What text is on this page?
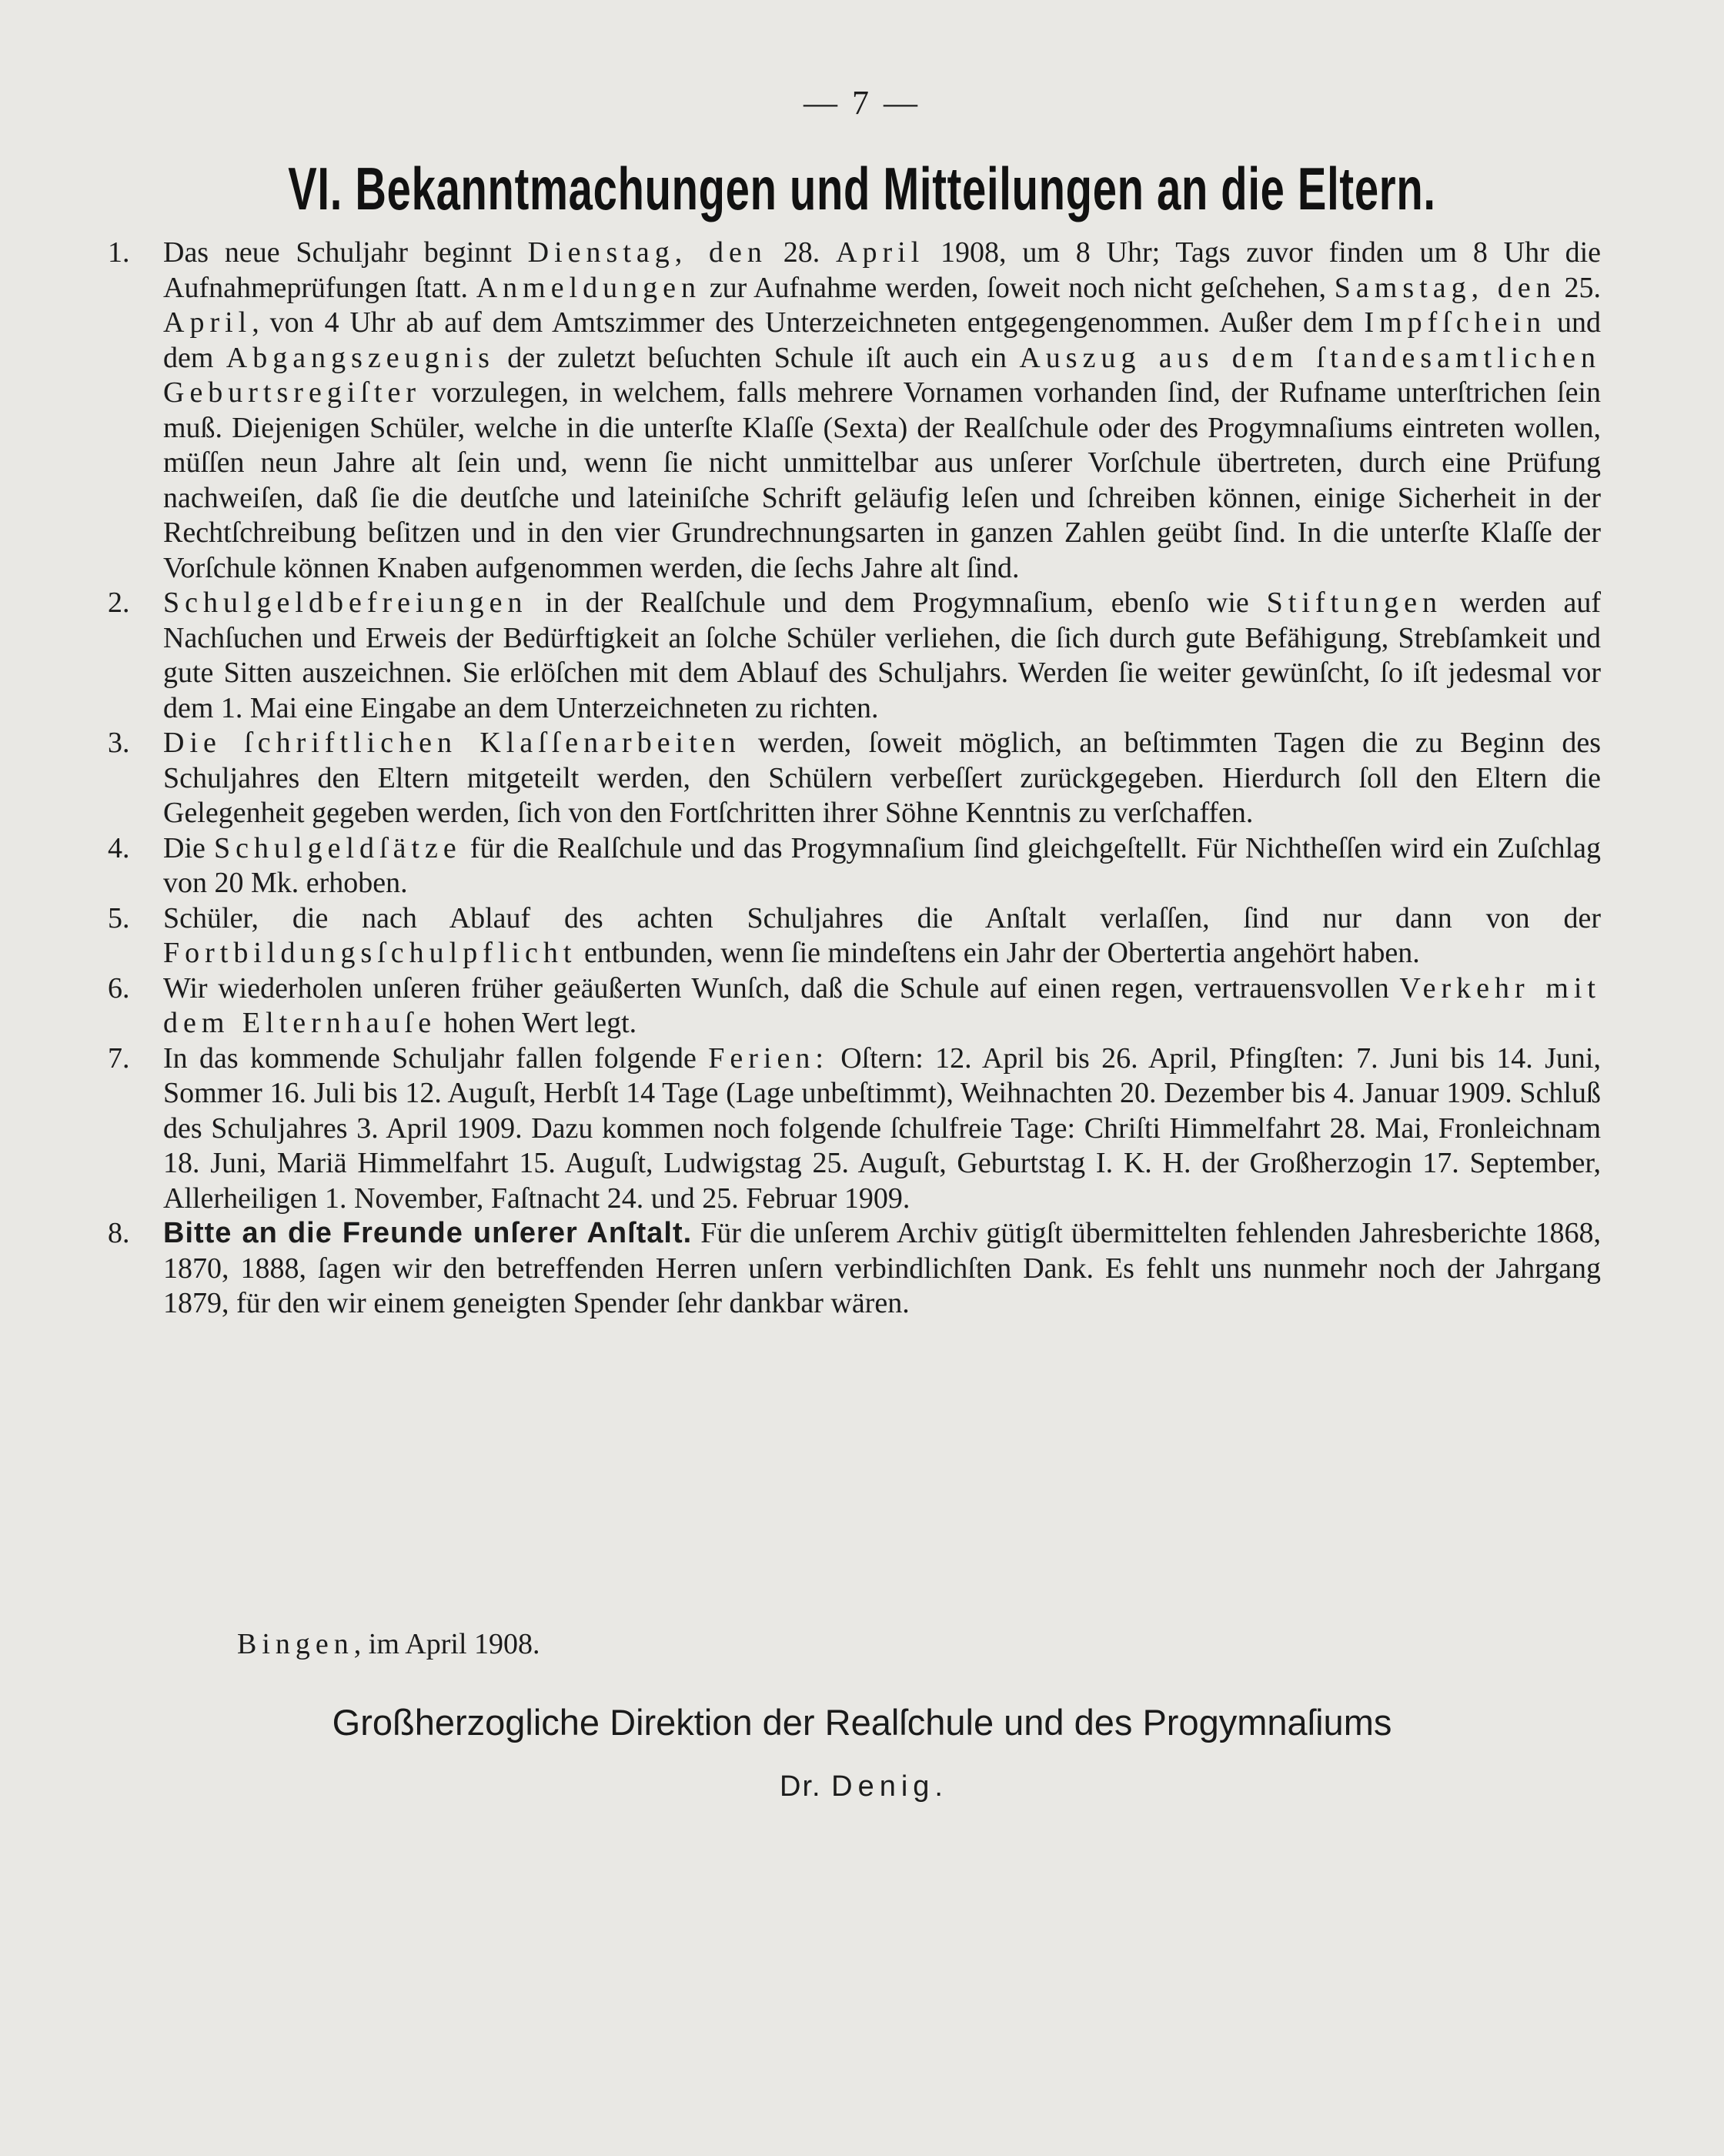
— 7 —
VI. Bekanntmachungen und Mitteilungen an die Eltern.

1. Das neue Schuljahr beginnt Dienstag, den 28. April 1908, um 8 Uhr; Tags zuvor finden um 8 Uhr die Aufnahmeprüfungen ſtatt. Anmeldungen zur Aufnahme werden, ſoweit noch nicht geſchehen, Samstag, den 25. April, von 4 Uhr ab auf dem Amtszimmer des Unterzeichneten entgegengenommen. Außer dem Impfſchein und dem Abgangszeugnis der zuletzt beſuchten Schule iſt auch ein Auszug aus dem ſtandesamtlichen Geburtsregiſter vorzulegen, in welchem, falls mehrere Vornamen vorhanden ſind, der Rufname unterſtrichen ſein muß. Diejenigen Schüler, welche in die unterſte Klaſſe (Sexta) der Realſchule oder des Progymnaſiums eintreten wollen, müſſen neun Jahre alt ſein und, wenn ſie nicht unmittelbar aus unſerer Vorſchule übertreten, durch eine Prüfung nachweiſen, daß ſie die deutſche und lateiniſche Schrift geläufig leſen und ſchreiben können, einige Sicherheit in der Rechtſchreibung beſitzen und in den vier Grundrechnungsarten in ganzen Zahlen geübt ſind. In die unterſte Klaſſe der Vorſchule können Knaben aufgenommen werden, die ſechs Jahre alt ſind.

2. Schulgeldbefreiungen in der Realſchule und dem Progymnaſium, ebenſo wie Stiftungen werden auf Nachſuchen und Erweis der Bedürftigkeit an ſolche Schüler verliehen, die ſich durch gute Befähigung, Strebſamkeit und gute Sitten auszeichnen. Sie erlöſchen mit dem Ablauf des Schuljahrs. Werden ſie weiter gewünſcht, ſo iſt jedesmal vor dem 1. Mai eine Eingabe an dem Unterzeichneten zu richten.

3. Die ſchriftlichen Klaſſenarbeiten werden, ſoweit möglich, an beſtimmten Tagen die zu Beginn des Schuljahres den Eltern mitgeteilt werden, den Schülern verbeſſert zurückgegeben. Hierdurch ſoll den Eltern die Gelegenheit gegeben werden, ſich von den Fortſchritten ihrer Söhne Kenntnis zu verſchaffen.

4. Die Schulgeldſätze für die Realſchule und das Progymnaſium ſind gleichgeſtellt. Für Nichtheſſen wird ein Zuſchlag von 20 Mk. erhoben.

5. Schüler, die nach Ablauf des achten Schuljahres die Anſtalt verlaſſen, ſind nur dann von der Fortbildungsſchulpflicht entbunden, wenn ſie mindeſtens ein Jahr der Obertertia angehört haben.

6. Wir wiederholen unſeren früher geäußerten Wunſch, daß die Schule auf einen regen, vertrauensvollen Verkehr mit dem Elternhauſe hohen Wert legt.

7. In das kommende Schuljahr fallen folgende Ferien: Oſtern: 12. April bis 26. April, Pfingſten: 7. Juni bis 14. Juni, Sommer 16. Juli bis 12. Auguſt, Herbſt 14 Tage (Lage unbeſtimmt), Weihnachten 20. Dezember bis 4. Januar 1909. Schluß des Schuljahres 3. April 1909. Dazu kommen noch folgende ſchulfreie Tage: Chriſti Himmelfahrt 28. Mai, Fronleichnam 18. Juni, Mariä Himmelfahrt 15. Auguſt, Ludwigstag 25. Auguſt, Geburtstag I. K. H. der Großherzogin 17. September, Allerheiligen 1. November, Faſtnacht 24. und 25. Februar 1909.

8. Bitte an die Freunde unſerer Anſtalt. Für die unſerem Archiv gütigſt übermittelten fehlenden Jahresberichte 1868, 1870, 1888, ſagen wir den betreffenden Herren unſern verbindlichſten Dank. Es fehlt uns nunmehr noch der Jahrgang 1879, für den wir einem geneigten Spender ſehr dankbar wären.

Bingen, im April 1908.
Großherzogliche Direktion der Realſchule und des Progymnaſiums
Dr. Denig.
